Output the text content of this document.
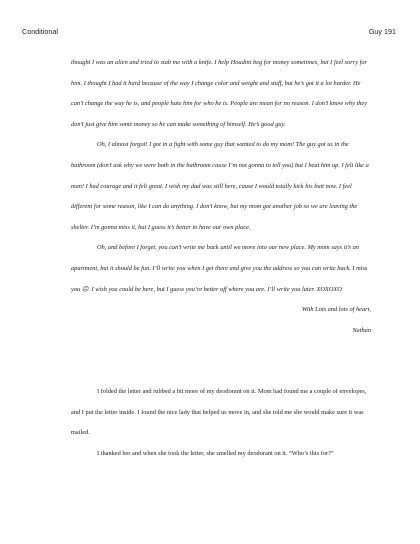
Conditional	Guy 191

thought I was an alien and tried to stab me with a knife. I help Houdini beg for money sometimes, but I feel sorry for him. I thought I had it hard because of the way I change color and weight and stuff, but he’s got it a lot harder. He can’t change the way he is, and people hate him for who he is. People are mean for no reason. I don’t know why they don’t just give him some money so he can make something of himself. He’s good guy.

Oh, I almost forgot! I got in a fight with some guy that wanted to do my mom! The guy got us in the bathroom (don’t ask why we were both in the bathroom cause I’m not gonna to tell you) but I beat him up. I felt like a man! I had courage and it felt great. I wish my dad was still here, cause I would totally kick his butt now. I feel different for some reason, like I can do anything. I don’t know, but my mom got another job so we are leaving the shelter. I’m gonna miss it, but I guess it’s better to have our own place.

Oh, and before I forget, you can’t write me back until we move into our new place. My mom says it’s an apartment, but it should be fun. I’ll write you when I get there and give you the address so you can write back. I miss you ☹. I wish you could be here, but I guess you’re better off where you are. I’ll write you later. XOXOXO

With Lots and lots of heart,

Nathan

I folded the letter and rubbed a bit more of my deodorant on it. Mom had found me a couple of envelopes, and I put the letter inside. I found the nice lady that helped us move in, and she told me she would make sure it was mailed.

I thanked her and when she took the letter, she smelled my deodorant on it. “Who’s this for?”
